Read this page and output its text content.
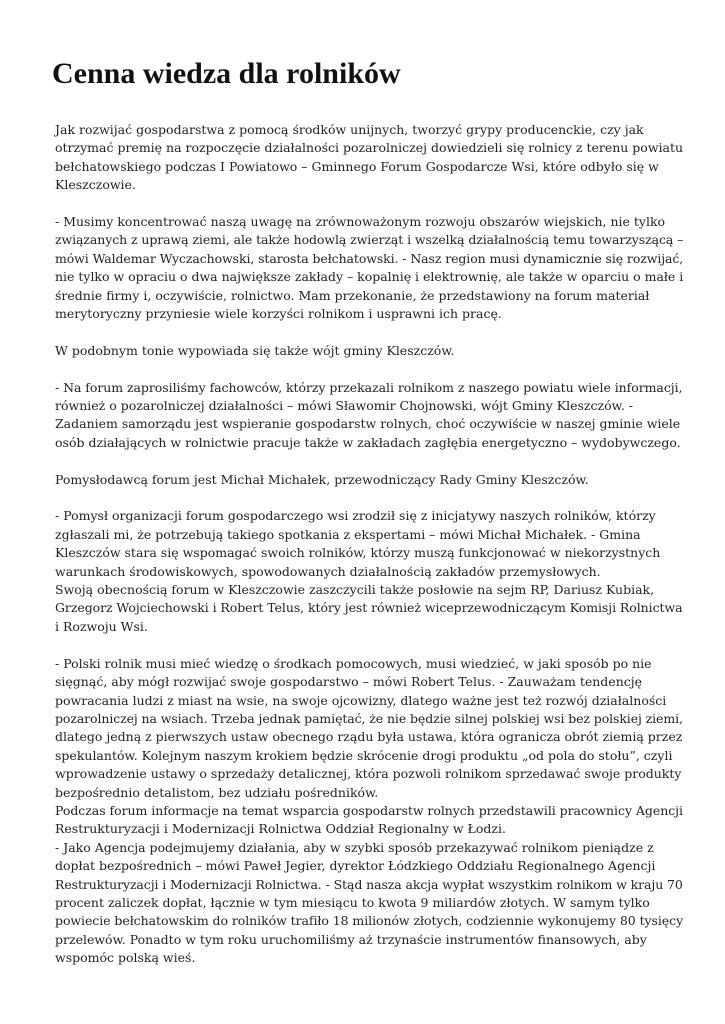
Cenna wiedza dla rolników

Jak rozwijać gospodarstwa z pomocą środków unijnych, tworzyć grypy producenckie, czy jak
otrzymać premię na rozpoczęcie działalności pozarolniczej dowiedzieli się rolnicy z terenu powiatu
bełchatowskiego podczas I Powiatowo – Gminnego Forum Gospodarcze Wsi, które odbyło się w
Kleszczowie.

- Musimy koncentrować naszą uwagę na zrównoważonym rozwoju obszarów wiejskich, nie tylko
związanych z uprawą ziemi, ale także hodowlą zwierząt i wszelką działalnością temu towarzyszącą –
mówi Waldemar Wyczachowski, starosta bełchatowski. - Nasz region musi dynamicznie się rozwijać,
nie tylko w opraciu o dwa największe zakłady – kopalnię i elektrownię, ale także w oparciu o małe i
średnie firmy i, oczywiście, rolnictwo. Mam przekonanie, że przedstawiony na forum materiał
merytoryczny przyniesie wiele korzyści rolnikom i usprawni ich pracę.

W podobnym tonie wypowiada się także wójt gminy Kleszczów.

- Na forum zaprosiliśmy fachowców, którzy przekazali rolnikom z naszego powiatu wiele informacji,
również o pozarolniczej działalności – mówi Sławomir Chojnowski, wójt Gminy Kleszczów. -
Zadaniem samorządu jest wspieranie gospodarstw rolnych, choć oczywiście w naszej gminie wiele
osób działających w rolnictwie pracuje także w zakładach zagłębia energetyczno – wydobywczego.

Pomysłodawcą forum jest Michał Michałek, przewodniczący Rady Gminy Kleszczów.

- Pomysł organizacji forum gospodarczego wsi zrodził się z inicjatywy naszych rolników, którzy
zgłaszali mi, że potrzebują takiego spotkania z ekspertami – mówi Michał Michałek. - Gmina
Kleszczów stara się wspomagać swoich rolników, którzy muszą funkcjonować w niekorzystnych
warunkach środowiskowych, spowodowanych działalnością zakładów przemysłowych.
Swoją obecnością forum w Kleszczowie zaszczycili także posłowie na sejm RP, Dariusz Kubiak,
Grzegorz Wojciechowski i Robert Telus, który jest również wiceprzewodniczącym Komisji Rolnictwa
i Rozwoju Wsi.

- Polski rolnik musi mieć wiedzę o środkach pomocowych, musi wiedzieć, w jaki sposób po nie
sięgnąć, aby mógł rozwijać swoje gospodarstwo – mówi Robert Telus. - Zauważam tendencję
powracania ludzi z miast na wsie, na swoje ojcowizny, dlatego ważne jest też rozwój działalności
pozarolniczej na wsiach. Trzeba jednak pamiętać, że nie będzie silnej polskiej wsi bez polskiej ziemi,
dlatego jedną z pierwszych ustaw obecnego rządu była ustawa, która ogranicza obrót ziemią przez
spekulantów. Kolejnym naszym krokiem będzie skrócenie drogi produktu „od pola do stołu”, czyli
wprowadzenie ustawy o sprzedaży detalicznej, która pozwoli rolnikom sprzedawać swoje produkty
bezpośrednio detalistom, bez udziału pośredników.
Podczas forum informacje na temat wsparcia gospodarstw rolnych przedstawili pracownicy Agencji
Restrukturyzacji i Modernizacji Rolnictwa Oddział Regionalny w Łodzi.
- Jako Agencja podejmujemy działania, aby w szybki sposób przekazywać rolnikom pieniądze z
dopłat bezpośrednich – mówi Paweł Jegier, dyrektor Łódzkiego Oddziału Regionalnego Agencji
Restrukturyzacji i Modernizacji Rolnictwa. - Stąd nasza akcja wypłat wszystkim rolnikom w kraju 70
procent zaliczek dopłat, łącznie w tym miesiącu to kwota 9 miliardów złotych. W samym tylko
powiecie bełchatowskim do rolników trafiło 18 milionów złotych, codziennie wykonujemy 80 tysięcy
przelewów. Ponadto w tym roku uruchomiliśmy aż trzynaście instrumentów finansowych, aby
wspomóc polską wieś.
